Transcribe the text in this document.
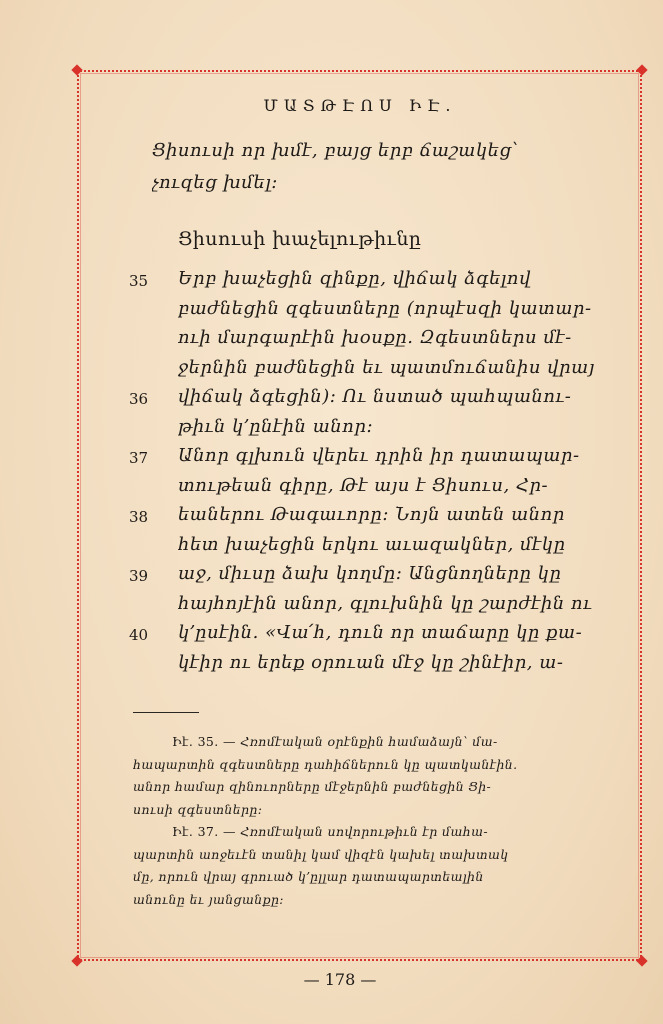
ՄԱՏԹԷՈՍ ԻԷ.
Ցիսուսի որ խմէ, բայց երբ ճաշակեց՝
չուզեց խմել:
Ցիսուսի խաչելութիւնը
35 Երբ խաչեցին զինքը, վիճակ ձգելով
բաժնեցին զգեստները (որպէսզի կատար-
ուի մարգարէին խօսքը. Զգեստներս մէ-
ջերնին բաժնեցին եւ պատմուճանիս վրայ
36 վիճակ ձգեցին): Ու նստած պահպանու-
թիւն կ՚ընէին անոր:
37 Անոր գլխուն վերեւ դրին իր դատապար-
տութեան գիրը, Թէ այս է Ցիսուս, Հր-
38 եաներու Թագաւորը: Նոյն ատեն անոր
հետ խաչեցին երկու աւազակներ, մէկը
39 աջ, միւսը ձախ կողմը: Անցնողները կը
հայհոյէին անոր, գլուխնին կը շարժէին ու
40 կ՚ըսէին. «Վա՛հ, դուն որ տաճարը կը քա-
կէիր ու երեք օրուան մէջ կը շինէիր, ա-
Իէ. 35. — Հռոմէական օրէնքին համաձայն՝ մա-
հապարտին զգեստները դահիճներուն կը պատկանէին.
անոր համար զինուորները մէջերնին բաժնեցին Ցի-
սուսի զգեստները:
Իէ. 37. — Հռոմէական սովորութիւն էր մահա-
պարտին աոջեւէն տանիլ կամ վիզէն կախել տախտակ
մը, որուն վրայ գրուած կ՚ըլլար դատապարտեալին
անունը եւ յանցանքը:
— 178 —
